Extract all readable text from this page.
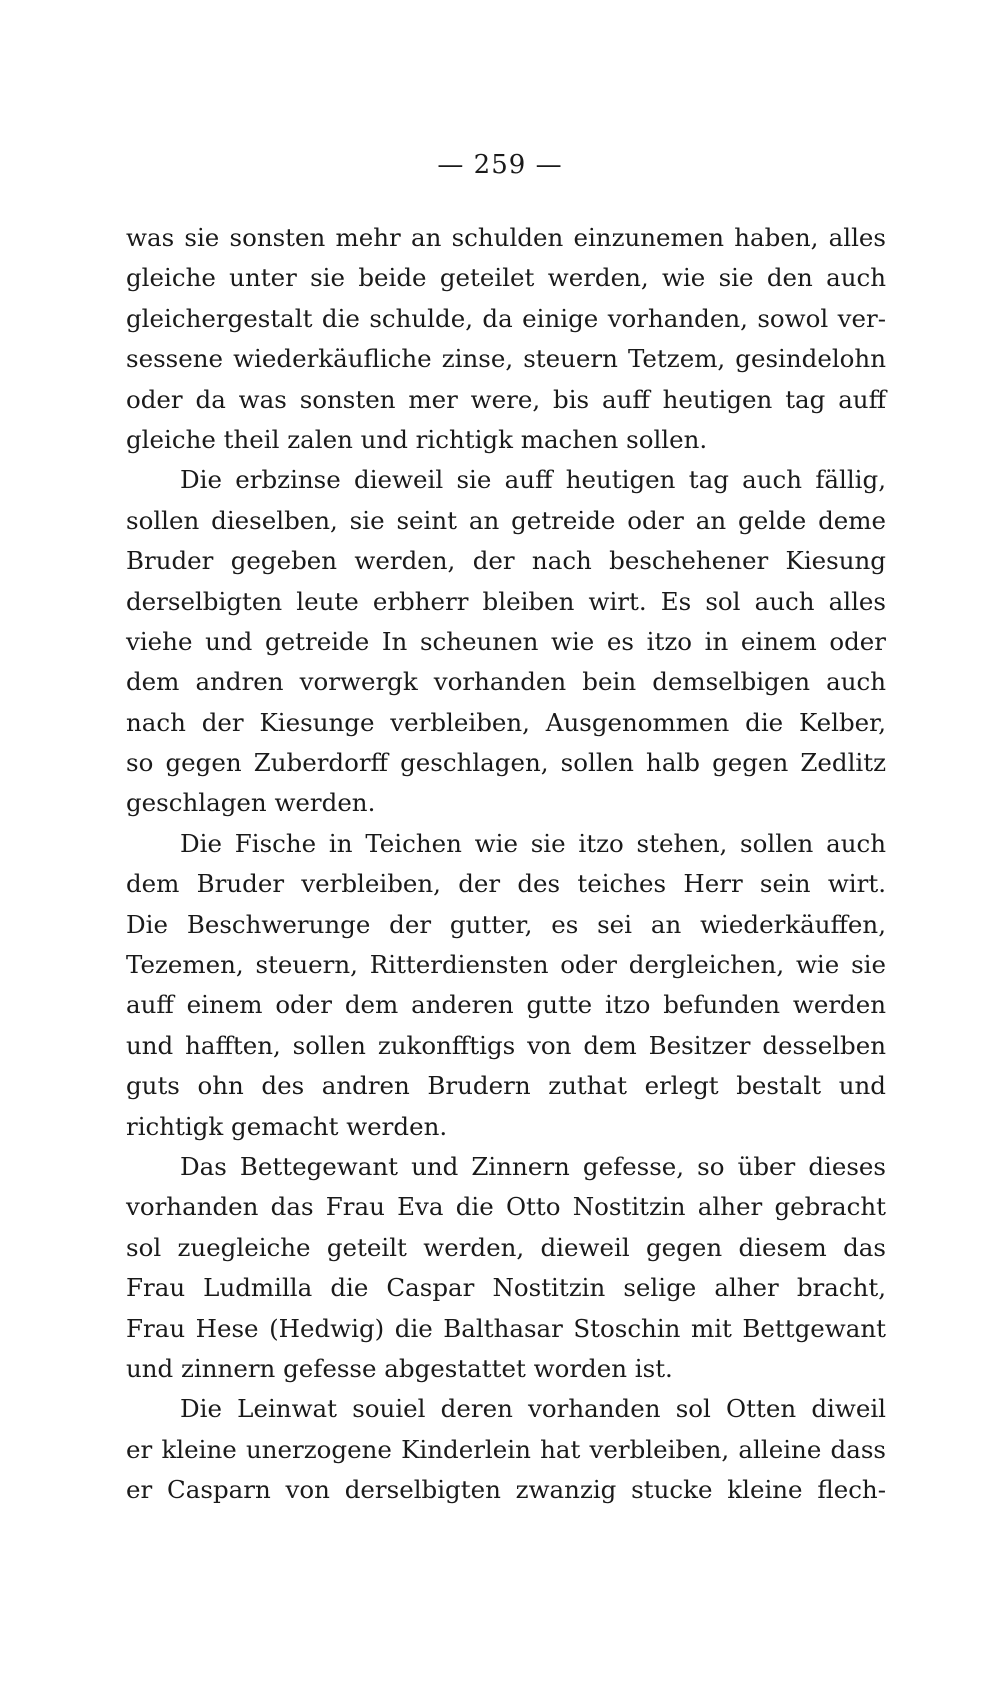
— 259 —
was sie sonsten mehr an schulden einzunemen haben, alles
gleiche unter sie beide geteilet werden, wie sie den auch
gleichergestalt die schulde, da einige vorhanden, sowol ver-
sessene wiederkäufliche zinse, steuern Tetzem, gesindelohn
oder da was sonsten mer were, bis auff heutigen tag auff
gleiche theil zalen und richtigk machen sollen.
Die erbzinse dieweil sie auff heutigen tag auch fällig,
sollen dieselben, sie seint an getreide oder an gelde deme
Bruder gegeben werden, der nach beschehener Kiesung
derselbigten leute erbherr bleiben wirt. Es sol auch alles
viehe und getreide In scheunen wie es itzo in einem oder
dem andren vorwergk vorhanden bein demselbigen auch
nach der Kiesunge verbleiben, Ausgenommen die Kelber,
so gegen Zuberdorff geschlagen, sollen halb gegen Zedlitz
geschlagen werden.
Die Fische in Teichen wie sie itzo stehen, sollen auch
dem Bruder verbleiben, der des teiches Herr sein wirt.
Die Beschwerunge der gutter, es sei an wiederkäuffen,
Tezemen, steuern, Ritterdiensten oder dergleichen, wie sie
auff einem oder dem anderen gutte itzo befunden werden
und hafften, sollen zukonfftigs von dem Besitzer desselben
guts ohn des andren Brudern zuthat erlegt bestalt und
richtigk gemacht werden.
Das Bettegewant und Zinnern gefesse, so über dieses
vorhanden das Frau Eva die Otto Nostitzin alher gebracht
sol zuegleiche geteilt werden, dieweil gegen diesem das
Frau Ludmilla die Caspar Nostitzin selige alher bracht,
Frau Hese (Hedwig) die Balthasar Stoschin mit Bettgewant
und zinnern gefesse abgestattet worden ist.
Die Leinwat souiel deren vorhanden sol Otten diweil
er kleine unerzogene Kinderlein hat verbleiben, alleine dass
er Casparn von derselbigten zwanzig stucke kleine flech-
